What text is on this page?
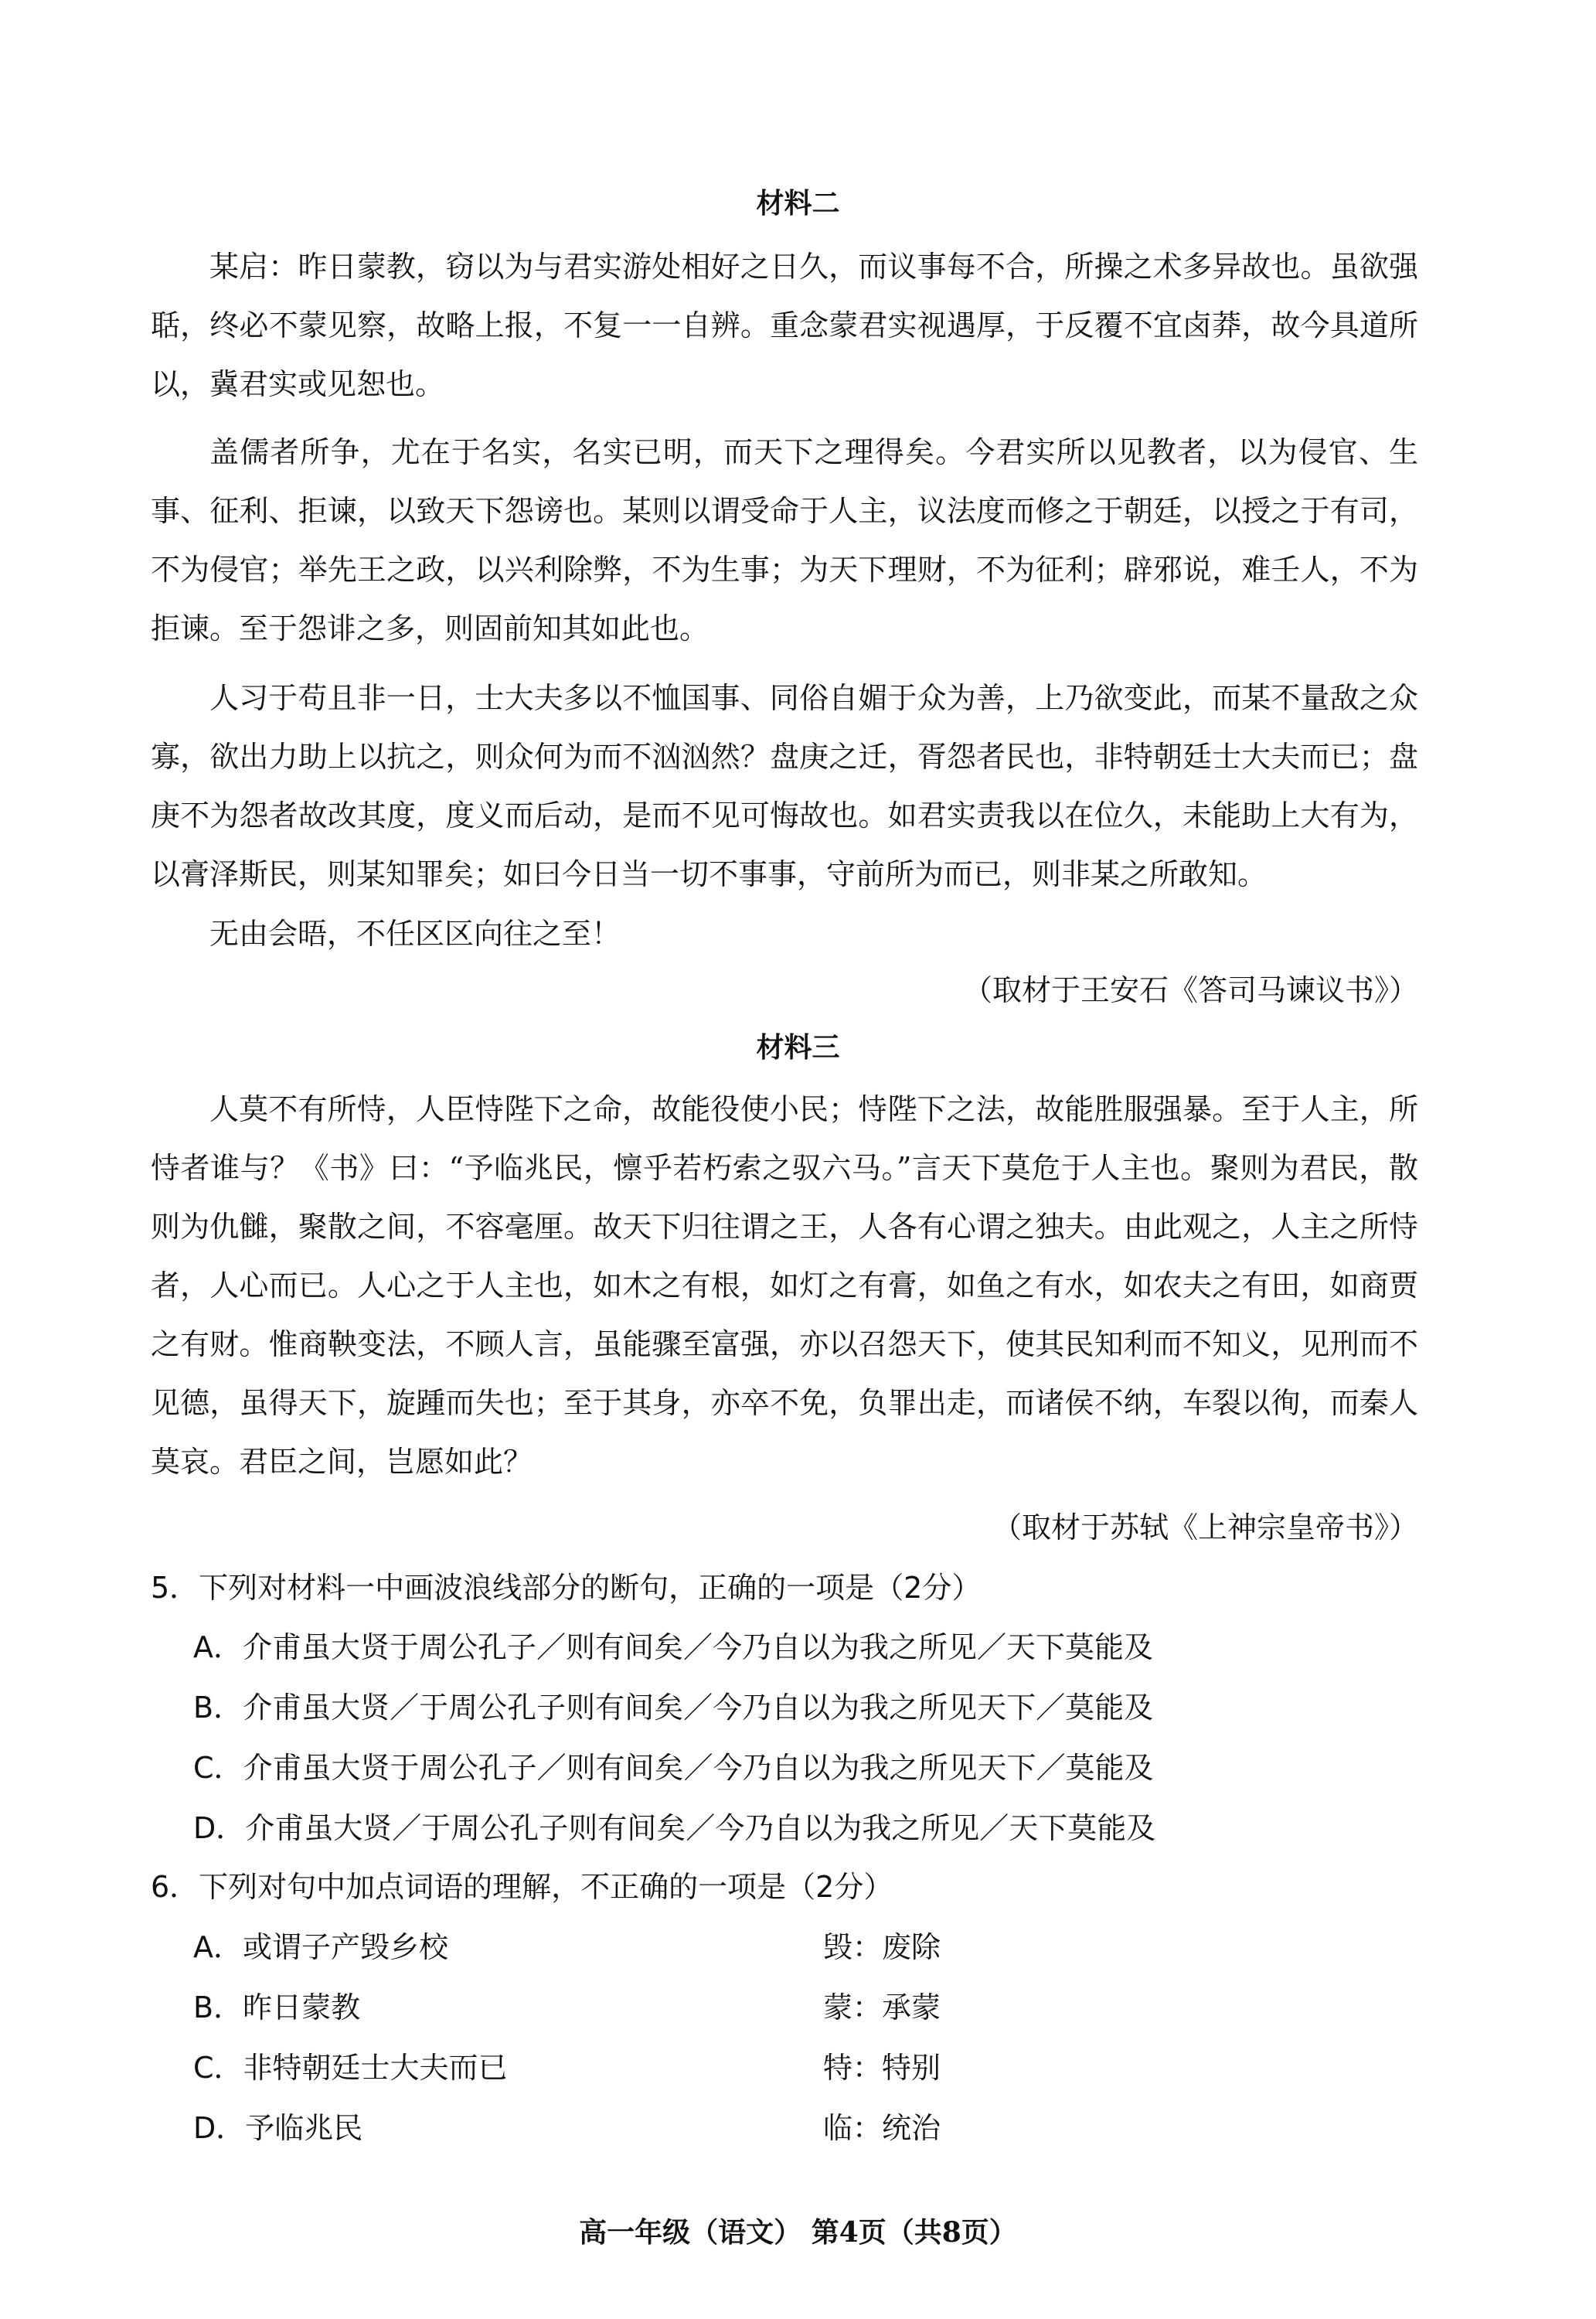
材料二
某启：昨日蒙教，窃以为与君实游处相好之日久，而议事每不合，所操之术多异故也。虽欲强聒，终必不蒙见察，故略上报，不复一一自辨。重念蒙君实视遇厚，于反覆不宜卤莽，故今具道所以，冀君实或见恕也。
盖儒者所争，尤在于名实，名实已明，而天下之理得矣。今君实所以见教者，以为侵官、生事、征利、拒谏，以致天下怨谤也。某则以谓受命于人主，议法度而修之于朝廷，以授之于有司，不为侵官；举先王之政，以兴利除弊，不为生事；为天下理财，不为征利；辟邪说，难壬人，不为拒谏。至于怨诽之多，则固前知其如此也。
人习于苟且非一日，士大夫多以不恤国事、同俗自媚于众为善，上乃欲变此，而某不量敌之众寡，欲出力助上以抗之，则众何为而不汹汹然？盘庚之迁，胥怨者民也，非特朝廷士大夫而已；盘庚不为怨者故改其度，度义而后动，是而不见可悔故也。如君实责我以在位久，未能助上大有为，以膏泽斯民，则某知罪矣；如曰今日当一切不事事，守前所为而已，则非某之所敢知。
无由会晤，不任区区向往之至！
（取材于王安石《答司马谏议书》）
材料三
人莫不有所恃，人臣恃陛下之命，故能役使小民；恃陛下之法，故能胜服强暴。至于人主，所恃者谁与？《书》曰：“予临兆民，懔乎若朽索之驭六马。”言天下莫危于人主也。聚则为君民，散则为仇雠，聚散之间，不容毫厘。故天下归往谓之王，人各有心谓之独夫。由此观之，人主之所恃者，人心而已。人心之于人主也，如木之有根，如灯之有膏，如鱼之有水，如农夫之有田，如商贾之有财。惟商鞅变法，不顾人言，虽能骤至富强，亦以召怨天下，使其民知利而不知义，见刑而不见德，虽得天下，旋踵而失也；至于其身，亦卒不免，负罪出走，而诸侯不纳，车裂以徇，而秦人莫哀。君臣之间，岂愿如此？
（取材于苏轼《上神宗皇帝书》）
5．下列对材料一中画波浪线部分的断句，正确的一项是（2分）
A．介甫虽大贤于周公孔子／则有间矣／今乃自以为我之所见／天下莫能及
B．介甫虽大贤／于周公孔子则有间矣／今乃自以为我之所见天下／莫能及
C．介甫虽大贤于周公孔子／则有间矣／今乃自以为我之所见天下／莫能及
D．介甫虽大贤／于周公孔子则有间矣／今乃自以为我之所见／天下莫能及
6．下列对句中加点词语的理解，不正确的一项是（2分）
A．或谓子产毁乡校	毁：废除
B．昨日蒙教	蒙：承蒙
C．非特朝廷士大夫而已	特：特别
D．予临兆民	临：统治
高一年级（语文） 第4页（共8页）
